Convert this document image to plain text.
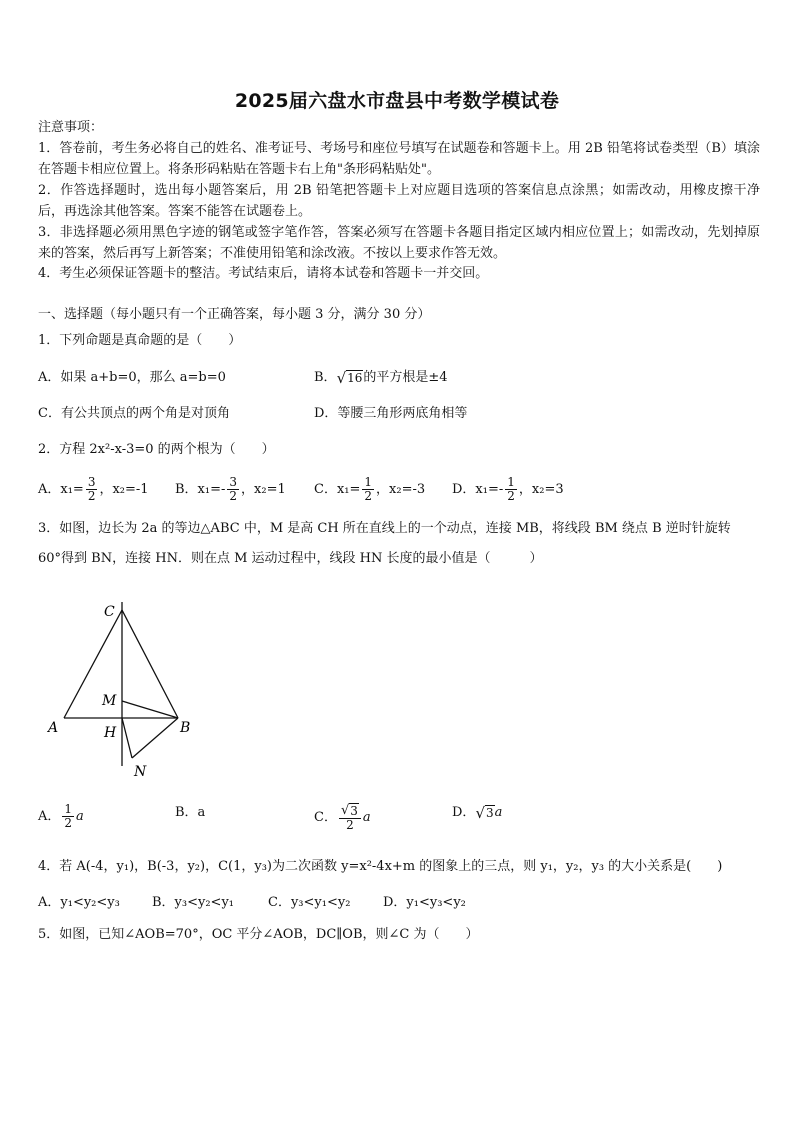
2025届六盘水市盘县中考数学模试卷
注意事项：
1．答卷前，考生务必将自己的姓名、准考证号、考场号和座位号填写在试题卷和答题卡上。用 2B 铅笔将试卷类型（B）填涂在答题卡相应位置上。将条形码粘贴在答题卡右上角"条形码粘贴处"。
2．作答选择题时，选出每小题答案后，用 2B 铅笔把答题卡上对应题目选项的答案信息点涂黑；如需改动，用橡皮擦干净后，再选涂其他答案。答案不能答在试题卷上。
3．非选择题必须用黑色字迹的钢笔或签字笔作答，答案必须写在答题卡各题目指定区域内相应位置上；如需改动，先划掉原来的答案，然后再写上新答案；不准使用铅笔和涂改液。不按以上要求作答无效。
4．考生必须保证答题卡的整洁。考试结束后，请将本试卷和答题卡一并交回。
一、选择题（每小题只有一个正确答案，每小题 3 分，满分 30 分）
1．下列命题是真命题的是（　　）
A．如果 a+b=0，那么 a=b=0	B． √ 16 的平方根是±4
C．有公共顶点的两个角是对顶角	D．等腰三角形两底角相等
2．方程 2x²-x-3=0 的两个根为（　　）
A．$x_1= \frac{3}{2}$ ，x₂=-1 B．$x_1=- \frac{3}{2}$ ，x₂=1 C．$x_1= \frac{1}{2}$ ，x₂=-3 D．$x_1=- \frac{1}{2}$ ，x₂=3
3．如图，边长为 2a 的等边△ABC 中，M 是高 CH 所在直线上的一个动点，连接 MB，将线段 BM 绕点 B 逆时针旋转
60°得到 BN，连接 HN．则在点 M 运动过程中，线段 HN 长度的最小值是（　　　）
C
M
A	H	B
N
A． $\frac{1}{2}$ a	B．a	C． $\frac{√ 3}{2}$ a	D． √ 3 a
4．若 A(-4，y₁)，B(-3，y₂)，C(1，y₃)为二次函数 y=x²-4x+m 的图象上的三点，则 y₁，y₂，y₃ 的大小关系是(　　)
A．y₁<y₂<y₃ B．y₃<y₂<y₁	C．y₃<y₁<y₂	D．y₁<y₃<y₂
5．如图，已知∠AOB=70°，OC 平分∠AOB，DC∥OB，则∠C 为（　　）
